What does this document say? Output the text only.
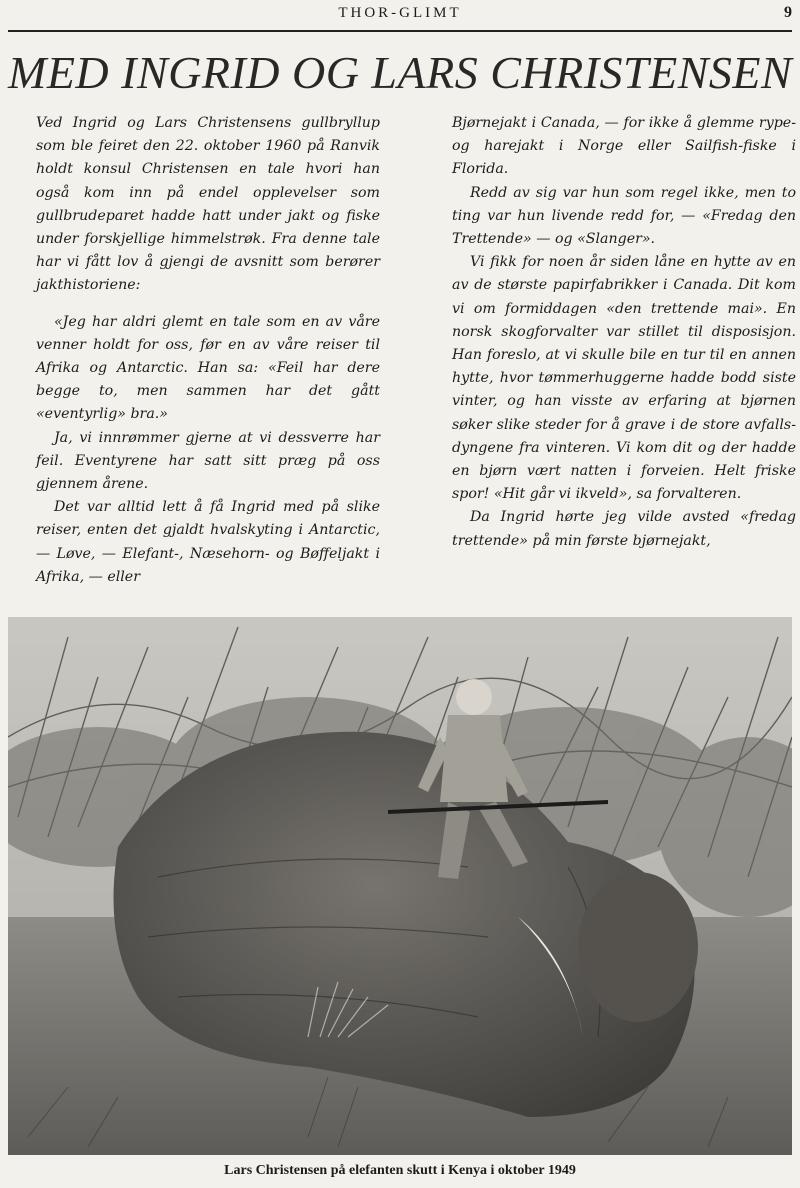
THOR-GLIMT	9
MED INGRID OG LARS CHRISTENSEN

Ved Ingrid og Lars Christensens gullbryllup som ble feiret den 22. oktober 1960 på Ranvik holdt konsul Christensen en tale hvori han også kom inn på endel opplevelser som gullbrudeparet hadde hatt under jakt og fiske under forskjellige himmelstrøk. Fra denne tale har vi fått lov å gjengi de avsnitt som berører jakthistoriene:

«Jeg har aldri glemt en tale som en av våre venner holdt for oss, før en av våre reiser til Afrika og Antarctic. Han sa: «Feil har dere begge to, men sammen har det gått «eventyrlig» bra.»

Ja, vi innrømmer gjerne at vi dessverre har feil. Eventyrene har satt sitt præg på oss gjennem årene.

Det var alltid lett å få Ingrid med på slike reiser, enten det gjaldt hvalskyting i Antarctic, — Løve, — Elefant-, Næsehorn- og Bøffeljakt i Afrika, — eller

Bjørnejakt i Canada, — for ikke å glemme rype- og harejakt i Norge eller Sailfish-fiske i Florida.

Redd av sig var hun som regel ikke, men to ting var hun livende redd for, — «Fredag den Trettende» — og «Slanger».

Vi fikk for noen år siden låne en hytte av en av de største papirfabrikker i Canada. Dit kom vi om formiddagen «den trettende mai». En norsk skogforvalter var stillet til disposisjon. Han foreslo, at vi skulle bile en tur til en annen hytte, hvor tømmerhuggerne hadde bodd siste vinter, og han visste av erfaring at bjørnen søker slike steder for å grave i de store avfalls-dyngene fra vinteren. Vi kom dit og der hadde en bjørn vært natten i forveien. Helt friske spor! «Hit går vi ikveld», sa forvalteren.

Da Ingrid hørte jeg vilde avsted «fredag trettende» på min første bjørnejakt,

Lars Christensen på elefanten skutt i Kenya i oktober 1949
